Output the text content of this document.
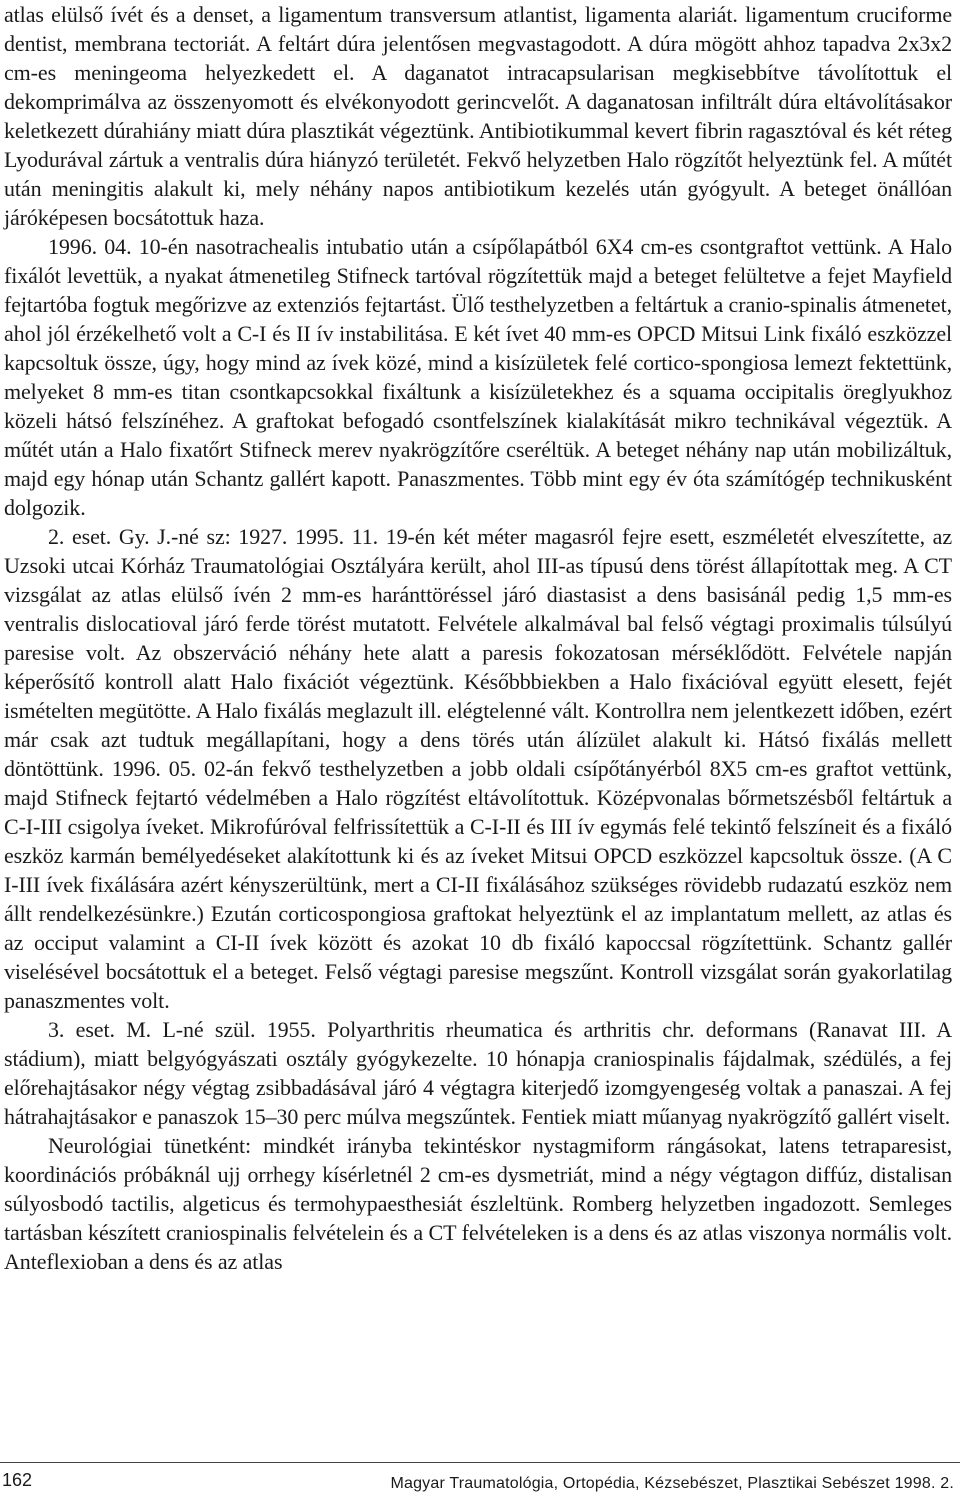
atlas elülső ívét és a denset, a ligamentum transversum atlantist, ligamenta alariát. ligamentum cruciforme dentist, membrana tectoriát. A feltárt dúra jelentősen megvastagodott. A dúra mögött ahhoz tapadva 2x3x2 cm-es meningeoma helyezkedett el. A daganatot intracapsularisan megkisebbítve távolítottuk el dekomprimálva az összenyomott és elvékonyodott gerincvelőt. A daganatosan infiltrált dúra eltávolításakor keletkezett dúrahiány miatt dúra plasztikát végeztünk. Antibiotikummal kevert fibrin ragasztóval és két réteg Lyodurával zártuk a ventralis dúra hiányzó területét. Fekvő helyzetben Halo rögzítőt helyeztünk fel. A műtét után meningitis alakult ki, mely néhány napos antibiotikum kezelés után gyógyult. A beteget önállóan járóképesen bocsátottuk haza.

1996. 04. 10-én nasotrachealis intubatio után a csípőlapátból 6X4 cm-es csontgraftot vettünk. A Halo fixálót levettük, a nyakat átmenetileg Stifneck tartóval rögzítettük majd a beteget felültetve a fejet Mayfield fejtartóba fogtuk megőrizve az extenziós fejtartást. Ülő testhelyzetben a feltártuk a cranio-spinalis átmenetet, ahol jól érzékelhető volt a C-I és II ív instabilitása. E két ívet 40 mm-es OPCD Mitsui Link fixáló eszközzel kapcsoltuk össze, úgy, hogy mind az ívek közé, mind a kisízületek felé cortico-spongiosa lemezt fektettünk, melyeket 8 mm-es titan csontkapcsokkal fixáltunk a kisízületekhez és a squama occipitalis öreglyukhoz közeli hátsó felszínéhez. A graftokat befogadó csontfelszínek kialakítását mikro technikával végeztük. A műtét után a Halo fixatőrt Stifneck merev nyakrögzítőre cseréltük. A beteget néhány nap után mobilizáltuk, majd egy hónap után Schantz gallért kapott. Panaszmentes. Több mint egy év óta számítógép technikusként dolgozik.

2. eset. Gy. J.-né sz: 1927. 1995. 11. 19-én két méter magasról fejre esett, eszméletét elveszítette, az Uzsoki utcai Kórház Traumatológiai Osztályára került, ahol III-as típusú dens törést állapítottak meg. A CT vizsgálat az atlas elülső ívén 2 mm-es haránttöréssel járó diastasist a dens basisánál pedig 1,5 mm-es ventralis dislocatioval járó ferde törést mutatott. Felvétele alkalmával bal felső végtagi proximalis túlsúlyú paresise volt. Az obszerváció néhány hete alatt a paresis fokozatosan mérséklődött. Felvétele napján képerősítő kontroll alatt Halo fixációt végeztünk. Későbbbiekben a Halo fixációval együtt elesett, fejét ismételten megütötte. A Halo fixálás meglazult ill. elégtelenné vált. Kontrollra nem jelentkezett időben, ezért már csak azt tudtuk megállapítani, hogy a dens törés után álízület alakult ki. Hátsó fixálás mellett döntöttünk. 1996. 05. 02-án fekvő testhelyzetben a jobb oldali csípőtányérból 8X5 cm-es graftot vettünk, majd Stifneck fejtartó védelmében a Halo rögzítést eltávolítottuk. Középvonalas bőrmetszésből feltártuk a C-I-III csigolya íveket. Mikrofúróval felfrissítettük a C-I-II és III ív egymás felé tekintő felszíneit és a fixáló eszköz karmán bemélyedéseket alakítottunk ki és az íveket Mitsui OPCD eszközzel kapcsoltuk össze. (A C I-III ívek fixálására azért kényszerültünk, mert a CI-II fixálásához szükséges rövidebb rudazatú eszköz nem állt rendelkezésünkre.) Ezután corticospongiosa graftokat helyeztünk el az implantatum mellett, az atlas és az occiput valamint a CI-II ívek között és azokat 10 db fixáló kapoccsal rögzítettünk. Schantz gallér viselésével bocsátottuk el a beteget. Felső végtagi paresise megszűnt. Kontroll vizsgálat során gyakorlatilag panaszmentes volt.

3. eset. M. L-né szül. 1955. Polyarthritis rheumatica és arthritis chr. deformans (Ranavat III. A stádium), miatt belgyógyászati osztály gyógykezelte. 10 hónapja craniospinalis fájdalmak, szédülés, a fej előrehajtásakor négy végtag zsibbadásával járó 4 végtagra kiterjedő izomgyengeség voltak a panaszai. A fej hátrahajtásakor e panaszok 15–30 perc múlva megszűntek. Fentiek miatt műanyag nyakrögzítő gallért viselt.

Neurológiai tünetként: mindkét irányba tekintéskor nystagmiform rángásokat, latens tetraparesist, koordinációs próbáknál ujj orrhegy kísérletnél 2 cm-es dysmetriát, mind a négy végtagon diffúz, distalisan súlyosbodó tactilis, algeticus és termohypaesthesiát észleltünk. Romberg helyzetben ingadozott. Semleges tartásban készített craniospinalis felvételein és a CT felvételeken is a dens és az atlas viszonya normális volt. Anteflexioban a dens és az atlas

162	Magyar Traumatológia, Ortopédia, Kézsebészet, Plasztikai Sebészet 1998. 2.
